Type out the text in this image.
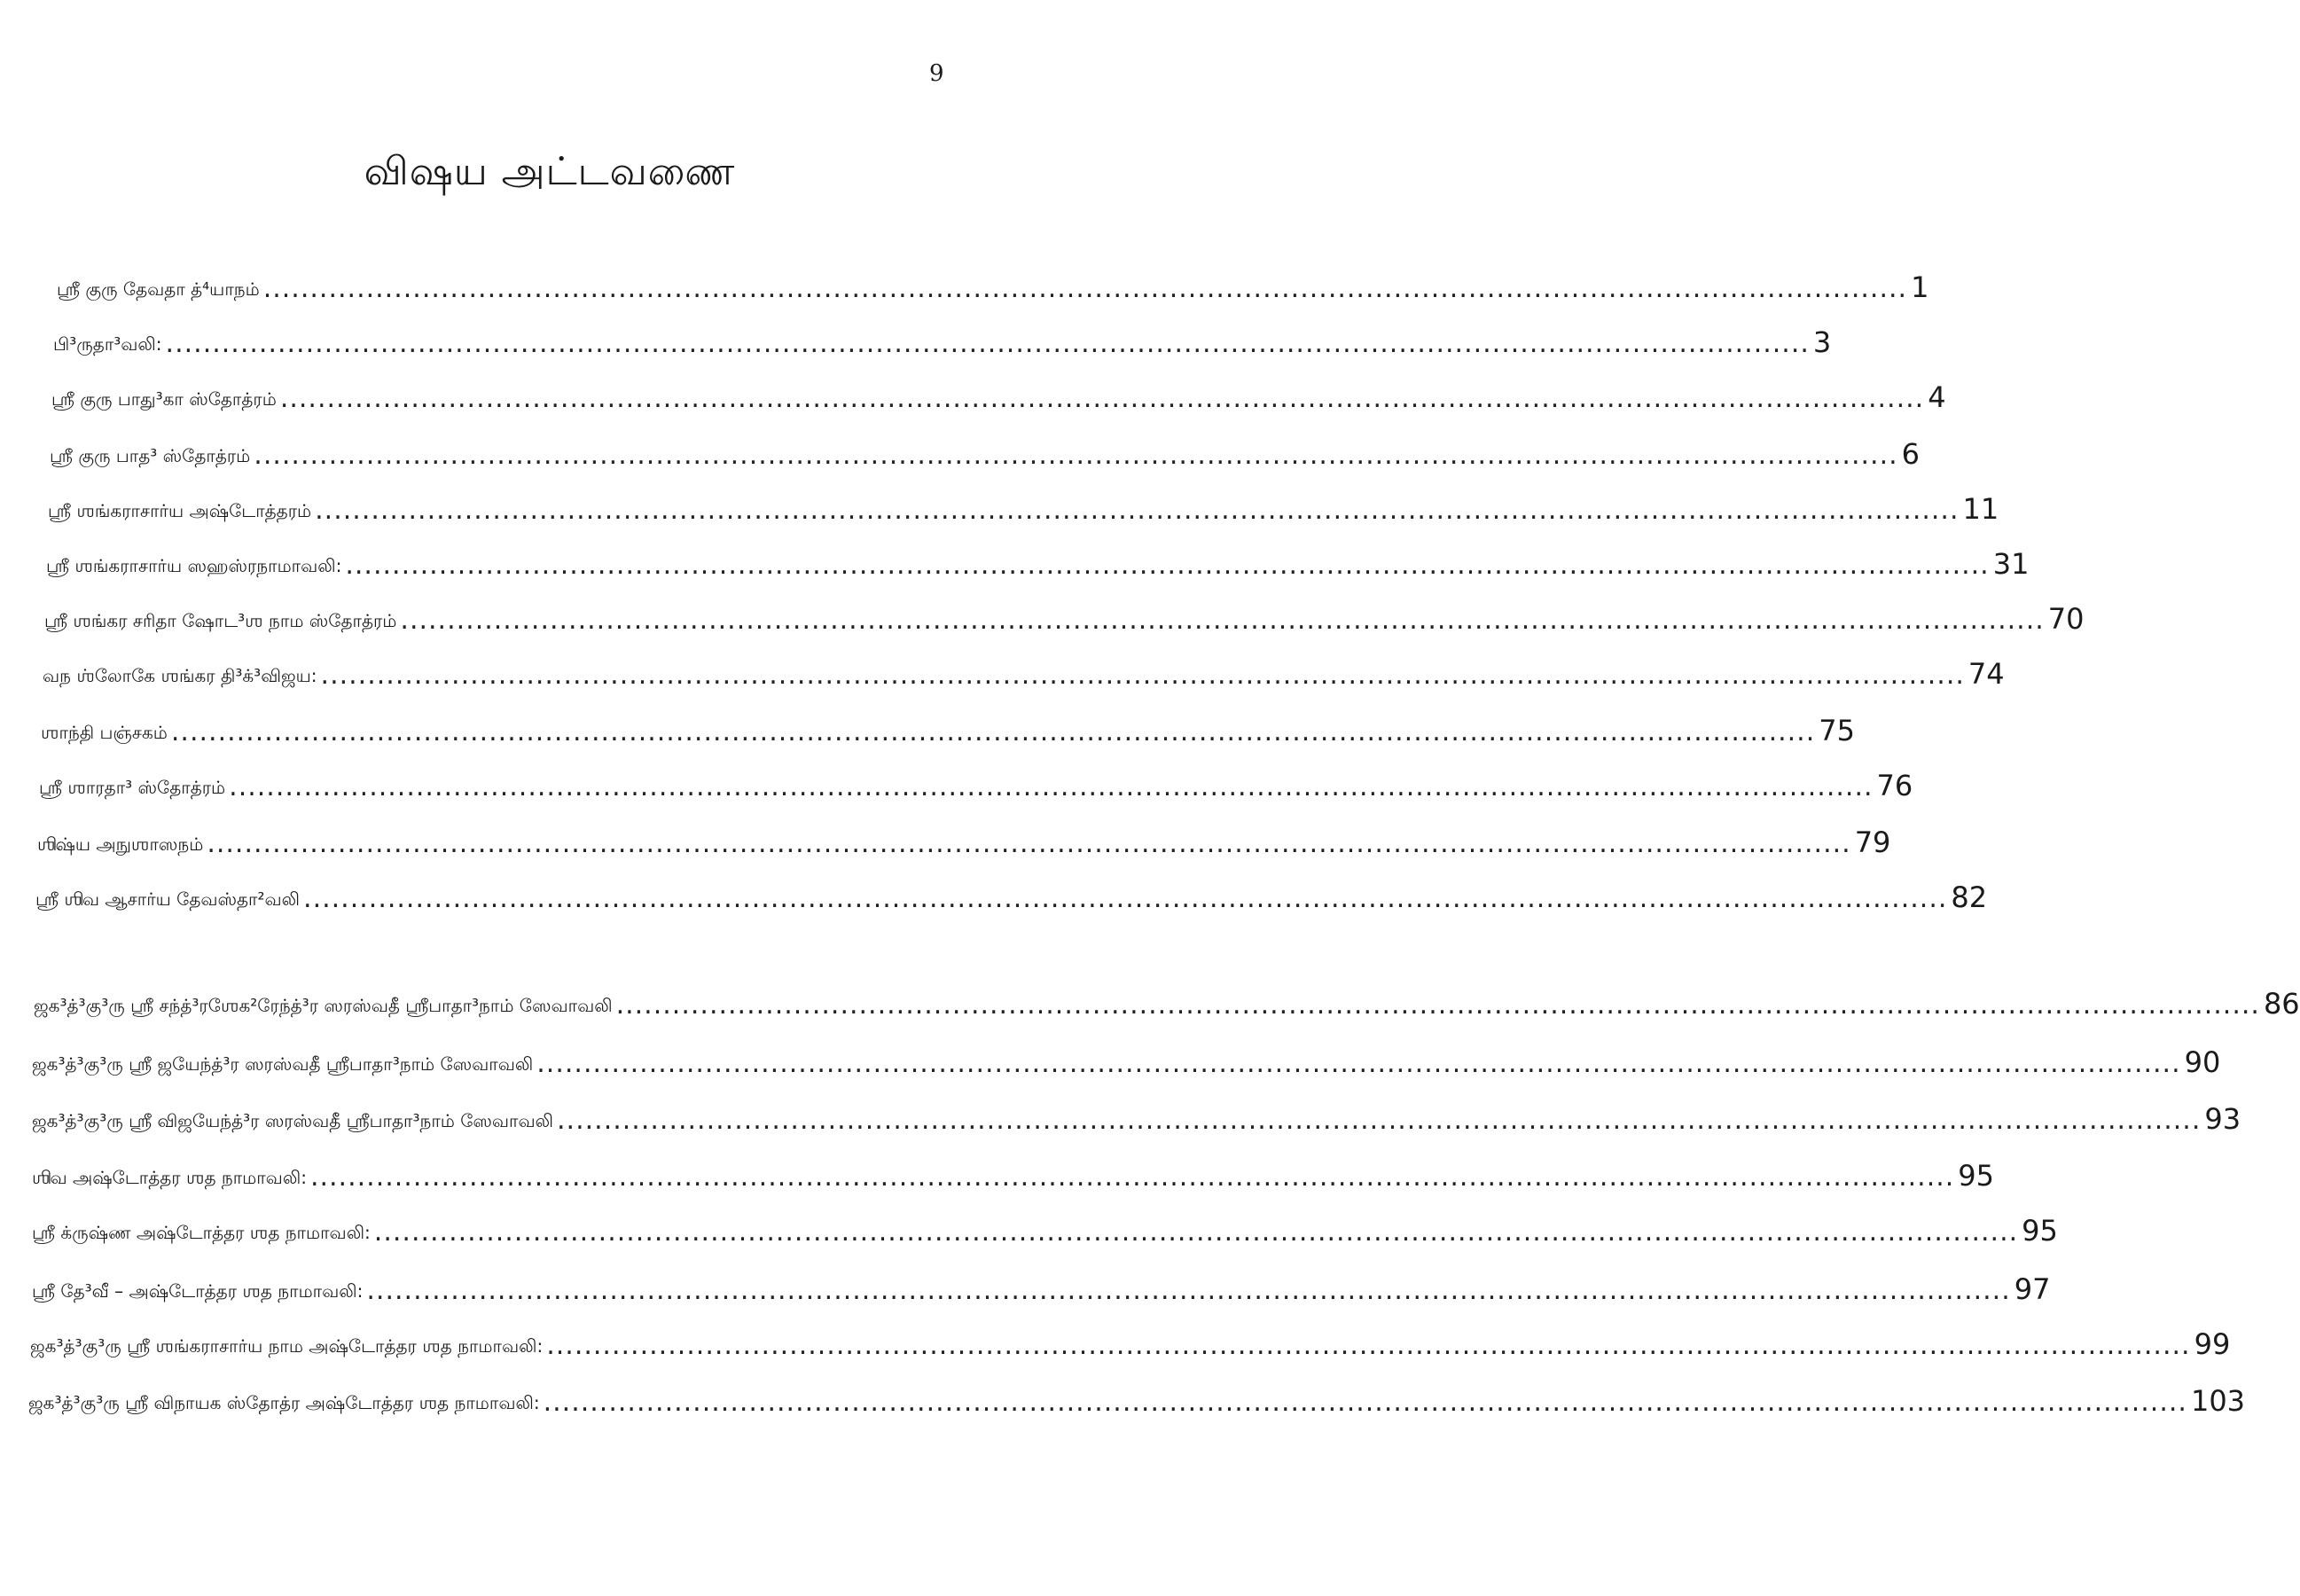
9
விஷய அட்டவணை
ஶ்ரீ குரு தேவதா த்⁴யாநம் ................................................................................................................................................................................ 1
பி³ருதா³வலி: ................................................................................................................................................................................ 3
ஶ்ரீ குரு பாது³கா ஸ்தோத்ரம் ................................................................................................................................................................................ 4
ஶ்ரீ குரு பாத³ ஸ்தோத்ரம் ................................................................................................................................................................................ 6
ஶ்ரீ ஶங்கராசார்ய அஷ்டோத்தரம் ................................................................................................................................................................................ 11
ஶ்ரீ ஶங்கராசார்ய ஸஹஸ்ரநாமாவலி: ................................................................................................................................................................................ 31
ஶ்ரீ ஶங்கர சரிதா ஷோட³ஶ நாம ஸ்தோத்ரம் ................................................................................................................................................................................ 70
வந ஶ்லோகே ஶங்கர தி³க்³விஜய: ................................................................................................................................................................................ 74
ஶாந்தி பஞ்சகம் ................................................................................................................................................................................ 75
ஶ்ரீ ஶாரதா³ ஸ்தோத்ரம் ................................................................................................................................................................................ 76
ஶிஷ்ய அநுஶாஸநம் ................................................................................................................................................................................ 79
ஶ்ரீ ஶிவ ஆசார்ய தேவஸ்தா²வலி ................................................................................................................................................................................ 82
ஜக³த்³கு³ரு ஶ்ரீ சந்த்³ரஶேக²ரேந்த்³ர ஸரஸ்வதீ ஶ்ரீபாதா³நாம் ஸேவாவலி ................................................................................................................................................................................ 86
ஜக³த்³கு³ரு ஶ்ரீ ஜயேந்த்³ர ஸரஸ்வதீ ஶ்ரீபாதா³நாம் ஸேவாவலி ................................................................................................................................................................................ 90
ஜக³த்³கு³ரு ஶ்ரீ விஜயேந்த்³ர ஸரஸ்வதீ ஶ்ரீபாதா³நாம் ஸேவாவலி ................................................................................................................................................................................ 93
ஶிவ அஷ்டோத்தர ஶத நாமாவலி: ................................................................................................................................................................................ 95
ஶ்ரீ க்ருஷ்ண அஷ்டோத்தர ஶத நாமாவலி: ................................................................................................................................................................................ 95
ஶ்ரீ தே³வீ – அஷ்டோத்தர ஶத நாமாவலி: ................................................................................................................................................................................ 97
ஜக³த்³கு³ரு ஶ்ரீ ஶங்கராசார்ய நாம அஷ்டோத்தர ஶத நாமாவலி: ................................................................................................................................................................................ 99
ஜக³த்³கு³ரு ஶ்ரீ விநாயக ஸ்தோத்ர அஷ்டோத்தர ஶத நாமாவலி: ................................................................................................................................................................................ 103
